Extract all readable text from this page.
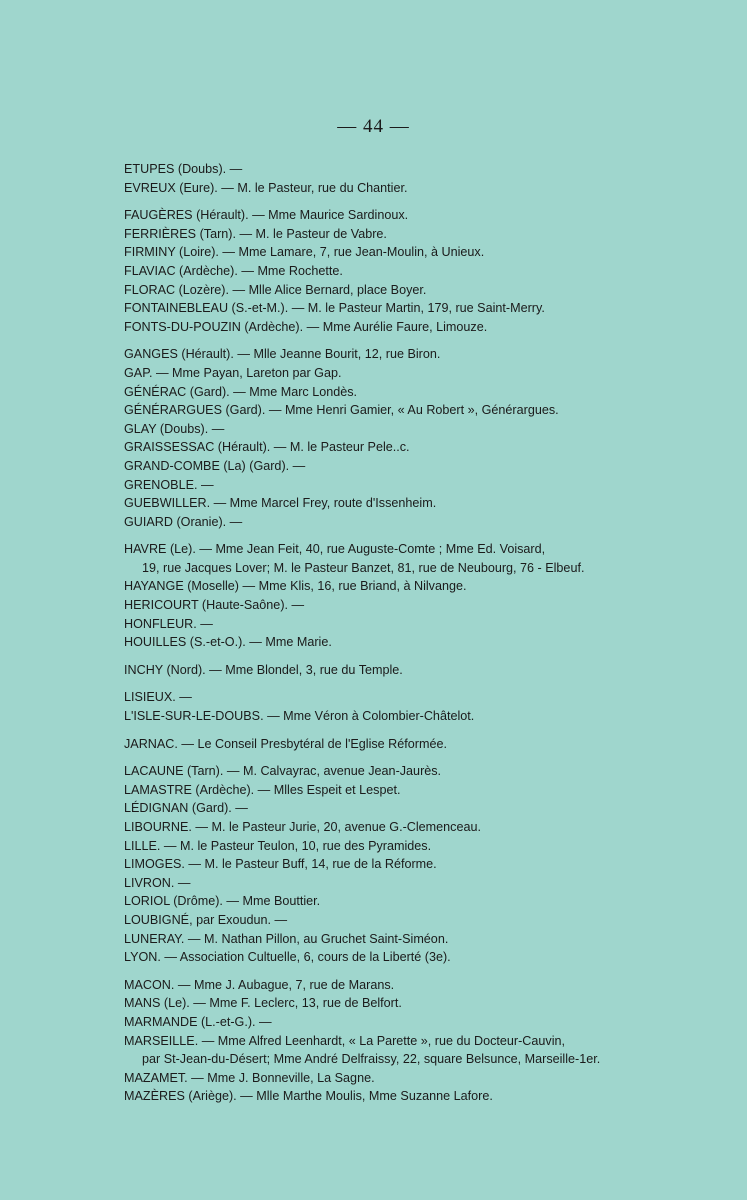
— 44 —
ETUPES (Doubs). —
EVREUX (Eure). — M. le Pasteur, rue du Chantier.
FAUGÈRES (Hérault). — Mme Maurice Sardinoux.
FERRIÈRES (Tarn). — M. le Pasteur de Vabre.
FIRMINY (Loire). — Mme Lamare, 7, rue Jean-Moulin, à Unieux.
FLAVIAC (Ardèche). — Mme Rochette.
FLORAC (Lozère). — Mlle Alice Bernard, place Boyer.
FONTAINEBLEAU (S.-et-M.). — M. le Pasteur Martin, 179, rue Saint-Merry.
FONTS-DU-POUZIN (Ardèche). — Mme Aurélie Faure, Limouze.
GANGES (Hérault). — Mlle Jeanne Bourit, 12, rue Biron.
GAP. — Mme Payan, Lareton par Gap.
GÉNÉRAC (Gard). — Mme Marc Londès.
GÉNÉRARGUES (Gard). — Mme Henri Gamier, « Au Robert », Générargues.
GLAY (Doubs). —
GRAISSESSAC (Hérault). — M. le Pasteur Pele..c.
GRAND-COMBE (La) (Gard). —
GRENOBLE. —
GUEBWILLER. — Mme Marcel Frey, route d'Issenheim.
GUIARD (Oranie). —
HAVRE (Le). — Mme Jean Feit, 40, rue Auguste-Comte ; Mme Ed. Voisard,
19, rue Jacques Lover; M. le Pasteur Banzet, 81, rue de Neubourg, 76 - Elbeuf.
HAYANGE (Moselle) — Mme Klis, 16, rue Briand, à Nilvange.
HERICOURT (Haute-Saône). —
HONFLEUR. —
HOUILLES (S.-et-O.). — Mme Marie.
INCHY (Nord). — Mme Blondel, 3, rue du Temple.
LISIEUX. —
L'ISLE-SUR-LE-DOUBS. — Mme Véron à Colombier-Châtelot.
JARNAC. — Le Conseil Presbytéral de l'Eglise Réformée.
LACAUNE (Tarn). — M. Calvayrac, avenue Jean-Jaurès.
LAMASTRE (Ardèche). — Mlles Espeit et Lespet.
LÉDIGNAN (Gard). —
LIBOURNE. — M. le Pasteur Jurie, 20, avenue G.-Clemenceau.
LILLE. — M. le Pasteur Teulon, 10, rue des Pyramides.
LIMOGES. — M. le Pasteur Buff, 14, rue de la Réforme.
LIVRON. —
LORIOL (Drôme). — Mme Bouttier.
LOUBIGNÉ, par Exoudun. —
LUNERAY. — M. Nathan Pillon, au Gruchet Saint-Siméon.
LYON. — Association Cultuelle, 6, cours de la Liberté (3e).
MACON. — Mme J. Aubague, 7, rue de Marans.
MANS (Le). — Mme F. Leclerc, 13, rue de Belfort.
MARMANDE (L.-et-G.). —
MARSEILLE. — Mme Alfred Leenhardt, « La Parette », rue du Docteur-Cauvin,
par St-Jean-du-Désert; Mme André Delfraissy, 22, square Belsunce, Marseille-1er.
MAZAMET. — Mme J. Bonneville, La Sagne.
MAZÈRES (Ariège). — Mlle Marthe Moulis, Mme Suzanne Lafore.
